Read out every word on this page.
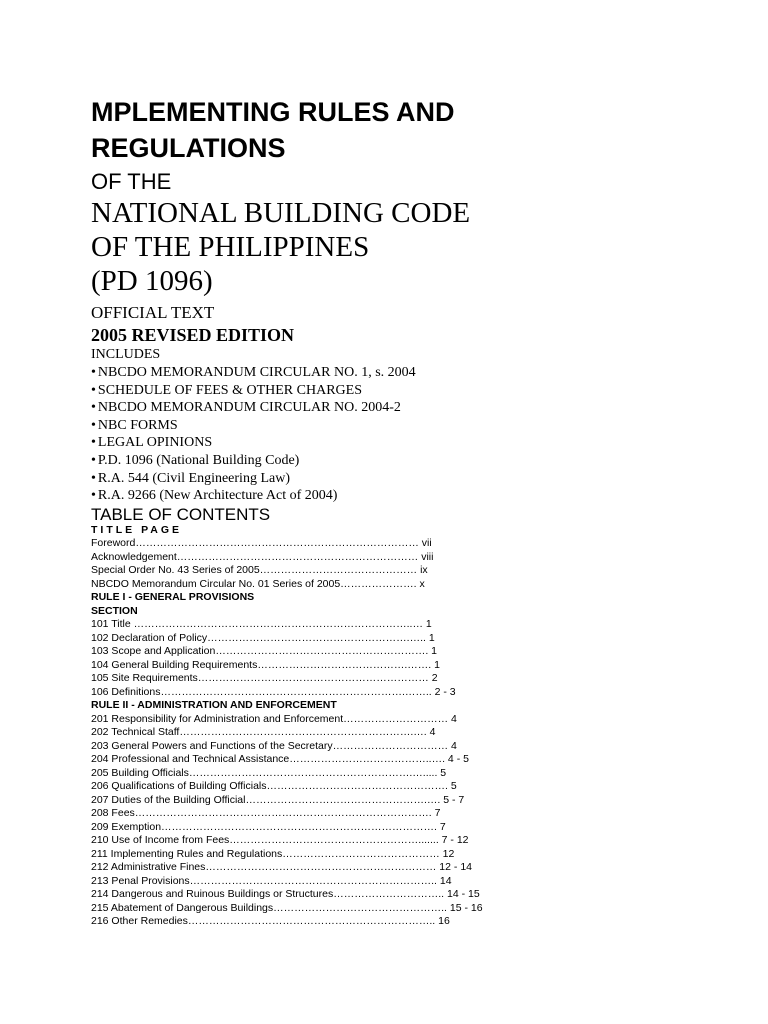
MPLEMENTING RULES AND
REGULATIONS
OF THE
NATIONAL BUILDING CODE
OF THE PHILIPPINES
(PD 1096)
OFFICIAL TEXT
2005 REVISED EDITION
INCLUDES
• NBCDO MEMORANDUM CIRCULAR NO. 1, s. 2004
• SCHEDULE OF FEES & OTHER CHARGES
• NBCDO MEMORANDUM CIRCULAR NO. 2004-2
• NBC FORMS
• LEGAL OPINIONS
• P.D. 1096 (National Building Code)
• R.A. 544 (Civil Engineering Law)
• R.A. 9266 (New Architecture Act of 2004)
TABLE OF CONTENTS
TITLE PAGE
Foreword……………………………………………………………………… vii
Acknowledgement…………………………………………………………… viii
Special Order No. 43 Series of 2005……………………………………… ix
NBCDO Memorandum Circular No. 01 Series of 2005…………………. x
RULE I - GENERAL PROVISIONS
SECTION
101 Title ……………………………………………………………………..… 1
102 Declaration of Policy………………………………………………….….. 1
103 Scope and Application……………………………………………………. 1
104 General Building Requirements…………………………………….……. 1
105 Site Requirements………………………………………………………… 2
106 Definitions…………………………………………………………….…….. 2 - 3
RULE II - ADMINISTRATION AND ENFORCEMENT
201 Responsibility for Administration and Enforcement………………………… 4
202 Technical Staff………………………………………………………….…. 4
203 General Powers and Functions of the Secretary…………………………… 4
204 Professional and Technical Assistance…………………………………..…. 4 - 5
205 Building Officials……………………………………………………….…..... 5
206 Qualifications of Building Officials……………………………………………. 5
207 Duties of the Building Official…………………………………………….…. 5 - 7
208 Fees…………………………………………………………………………. 7
209 Exemption……………………………………………………………………. 7
210 Use of Income from Fees………………………………………………....... 7 - 12
211 Implementing Rules and Regulations……………………………………… 12
212 Administrative Fines………………………………………………………… 12 - 14
213 Penal Provisions…………………………………………………………….. 14
214 Dangerous and Ruinous Buildings or Structures………………………….. 14 - 15
215 Abatement of Dangerous Buildings………………………………………….. 15 - 16
216 Other Remedies…………………………………………………………….. 16
